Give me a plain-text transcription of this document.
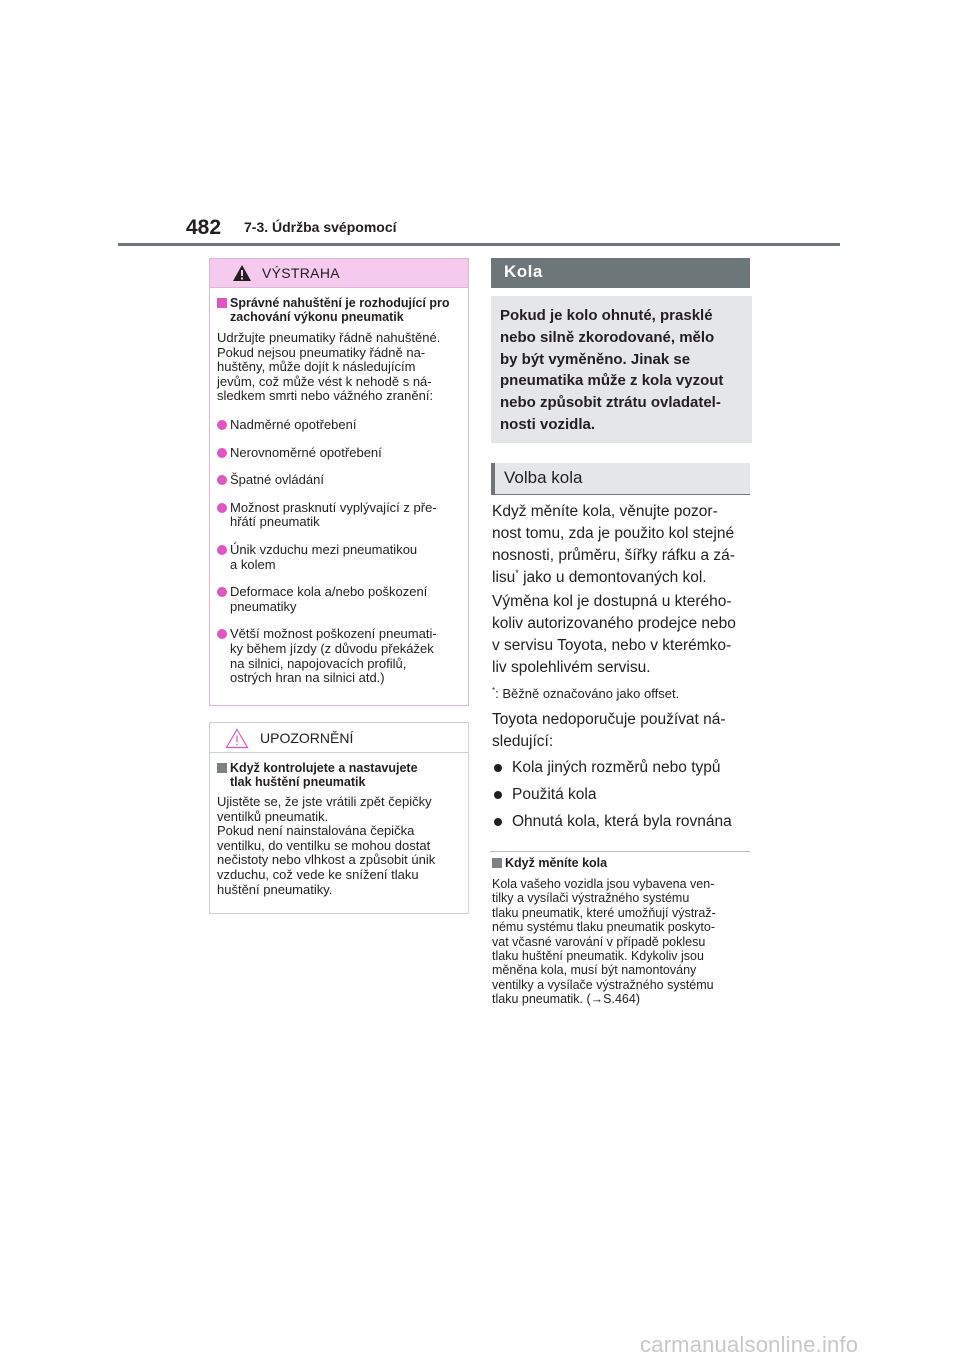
482 7-3. Údržba svépomocí
VÝSTRAHA
Správné nahuštění je rozhodující pro zachování výkonu pneumatik
Udržujte pneumatiky řádně nahuštěné.
Pokud nejsou pneumatiky řádně na-
huštěny, může dojít k následujícím
jevům, což může vést k nehodě s ná-
sledkem smrti nebo vážného zranění:
Nadměrné opotřebení
Nerovnoměrné opotřebení
Špatné ovládání
Možnost prasknutí vyplývající z pře-
hřátí pneumatik
Únik vzduchu mezi pneumatikou
a kolem
Deformace kola a/nebo poškození
pneumatiky
Větší možnost poškození pneumati-
ky během jízdy (z důvodu překážek
na silnici, napojovacích profilů,
ostrých hran na silnici atd.)
UPOZORNĚNÍ
Když kontrolujete a nastavujete
tlak huštění pneumatik
Ujistěte se, že jste vrátili zpět čepičky
ventilků pneumatik.
Pokud není nainstalována čepička
ventilku, do ventilku se mohou dostat
nečistoty nebo vlhkost a způsobit únik
vzduchu, což vede ke snížení tlaku
huštění pneumatiky.
Kola
Pokud je kolo ohnuté, prasklé
nebo silně zkorodované, mělo
by být vyměněno. Jinak se
pneumatika může z kola vyzout
nebo způsobit ztrátu ovladatel-
nosti vozidla.
Volba kola
Když měníte kola, věnujte pozor-
nost tomu, zda je použito kol stejné
nosnosti, průměru, šířky ráfku a zá-
lisu* jako u demontovaných kol.
Výměna kol je dostupná u kterého-
koliv autorizovaného prodejce nebo
v servisu Toyota, nebo v kterémko-
liv spolehlivém servisu.
*: Běžně označováno jako offset.
Toyota nedoporučuje používat ná-
sledující:
Kola jiných rozměrů nebo typů
Použitá kola
Ohnutá kola, která byla rovnána
Když měníte kola
Kola vašeho vozidla jsou vybavena ven-
tilky a vysílači výstražného systému
tlaku pneumatik, které umožňují výstraž-
nému systému tlaku pneumatik poskyto-
vat včasné varování v případě poklesu
tlaku huštění pneumatik. Kdykoliv jsou
měněna kola, musí být namontovány
ventilky a vysílače výstražného systému
tlaku pneumatik. (→S.464)
carmanualsonline.info
